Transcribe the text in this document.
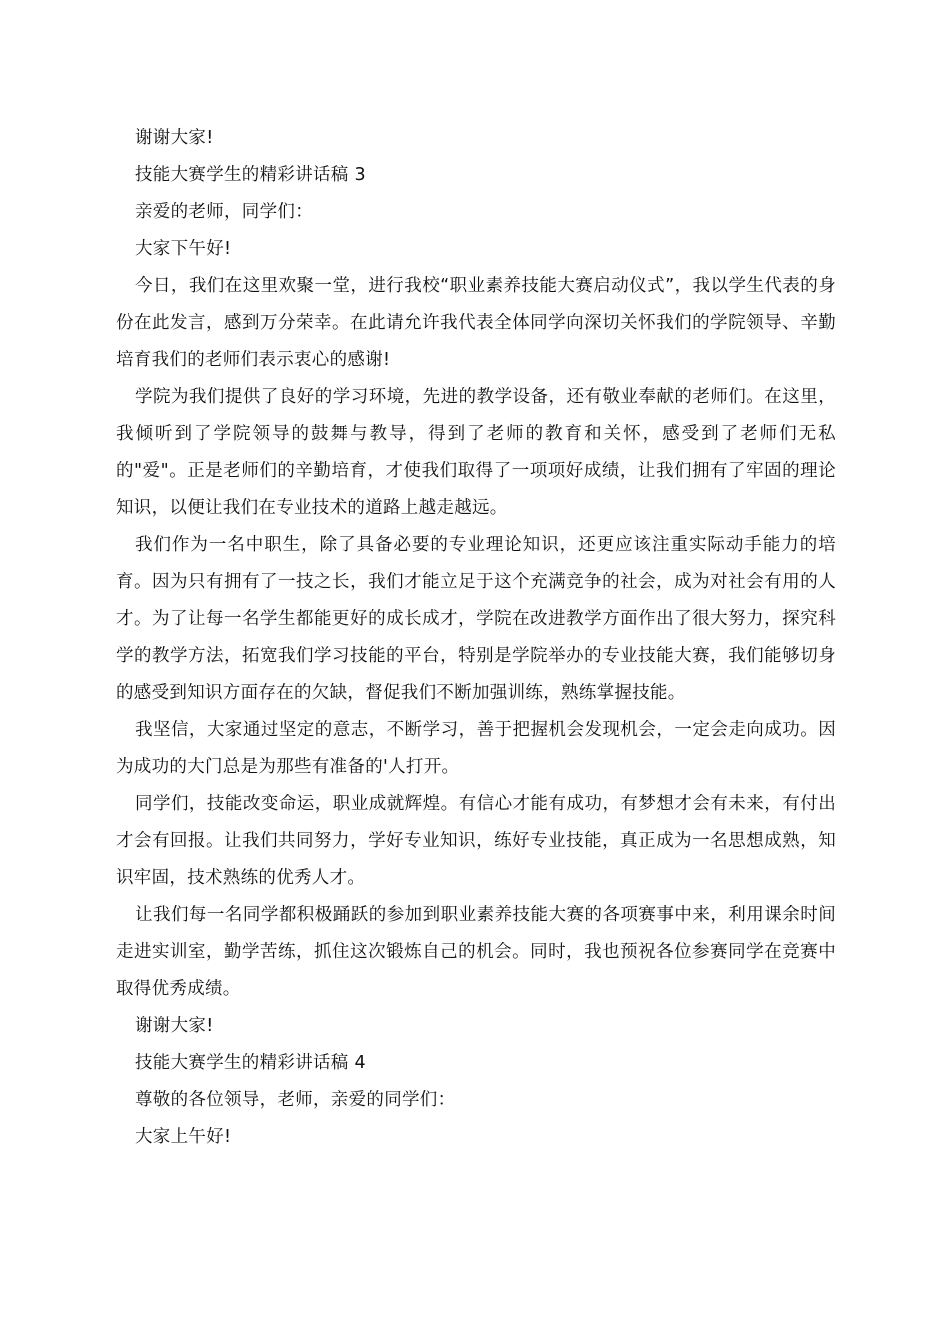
谢谢大家!

技能大赛学生的精彩讲话稿 3

亲爱的老师，同学们：

大家下午好!

今日，我们在这里欢聚一堂，进行我校“职业素养技能大赛启动仪式”，我以学生代表的身份在此发言，感到万分荣幸。在此请允许我代表全体同学向深切关怀我们的学院领导、辛勤培育我们的老师们表示衷心的感谢!

学院为我们提供了良好的学习环境，先进的教学设备，还有敬业奉献的老师们。在这里，我倾听到了学院领导的鼓舞与教导，得到了老师的教育和关怀，感受到了老师们无私的"爱"。正是老师们的辛勤培育，才使我们取得了一项项好成绩，让我们拥有了牢固的理论知识，以便让我们在专业技术的道路上越走越远。

我们作为一名中职生，除了具备必要的专业理论知识，还更应该注重实际动手能力的培育。因为只有拥有了一技之长，我们才能立足于这个充满竞争的社会，成为对社会有用的人才。为了让每一名学生都能更好的成长成才，学院在改进教学方面作出了很大努力，探究科学的教学方法，拓宽我们学习技能的平台，特别是学院举办的专业技能大赛，我们能够切身的感受到知识方面存在的欠缺，督促我们不断加强训练，熟练掌握技能。

我坚信，大家通过坚定的意志，不断学习，善于把握机会发现机会，一定会走向成功。因为成功的大门总是为那些有准备的'人打开。

同学们，技能改变命运，职业成就辉煌。有信心才能有成功，有梦想才会有未来，有付出才会有回报。让我们共同努力，学好专业知识，练好专业技能，真正成为一名思想成熟，知识牢固，技术熟练的优秀人才。

让我们每一名同学都积极踊跃的参加到职业素养技能大赛的各项赛事中来，利用课余时间走进实训室，勤学苦练，抓住这次锻炼自己的机会。同时，我也预祝各位参赛同学在竞赛中取得优秀成绩。

谢谢大家!

技能大赛学生的精彩讲话稿 4

尊敬的各位领导，老师，亲爱的同学们：

大家上午好!
